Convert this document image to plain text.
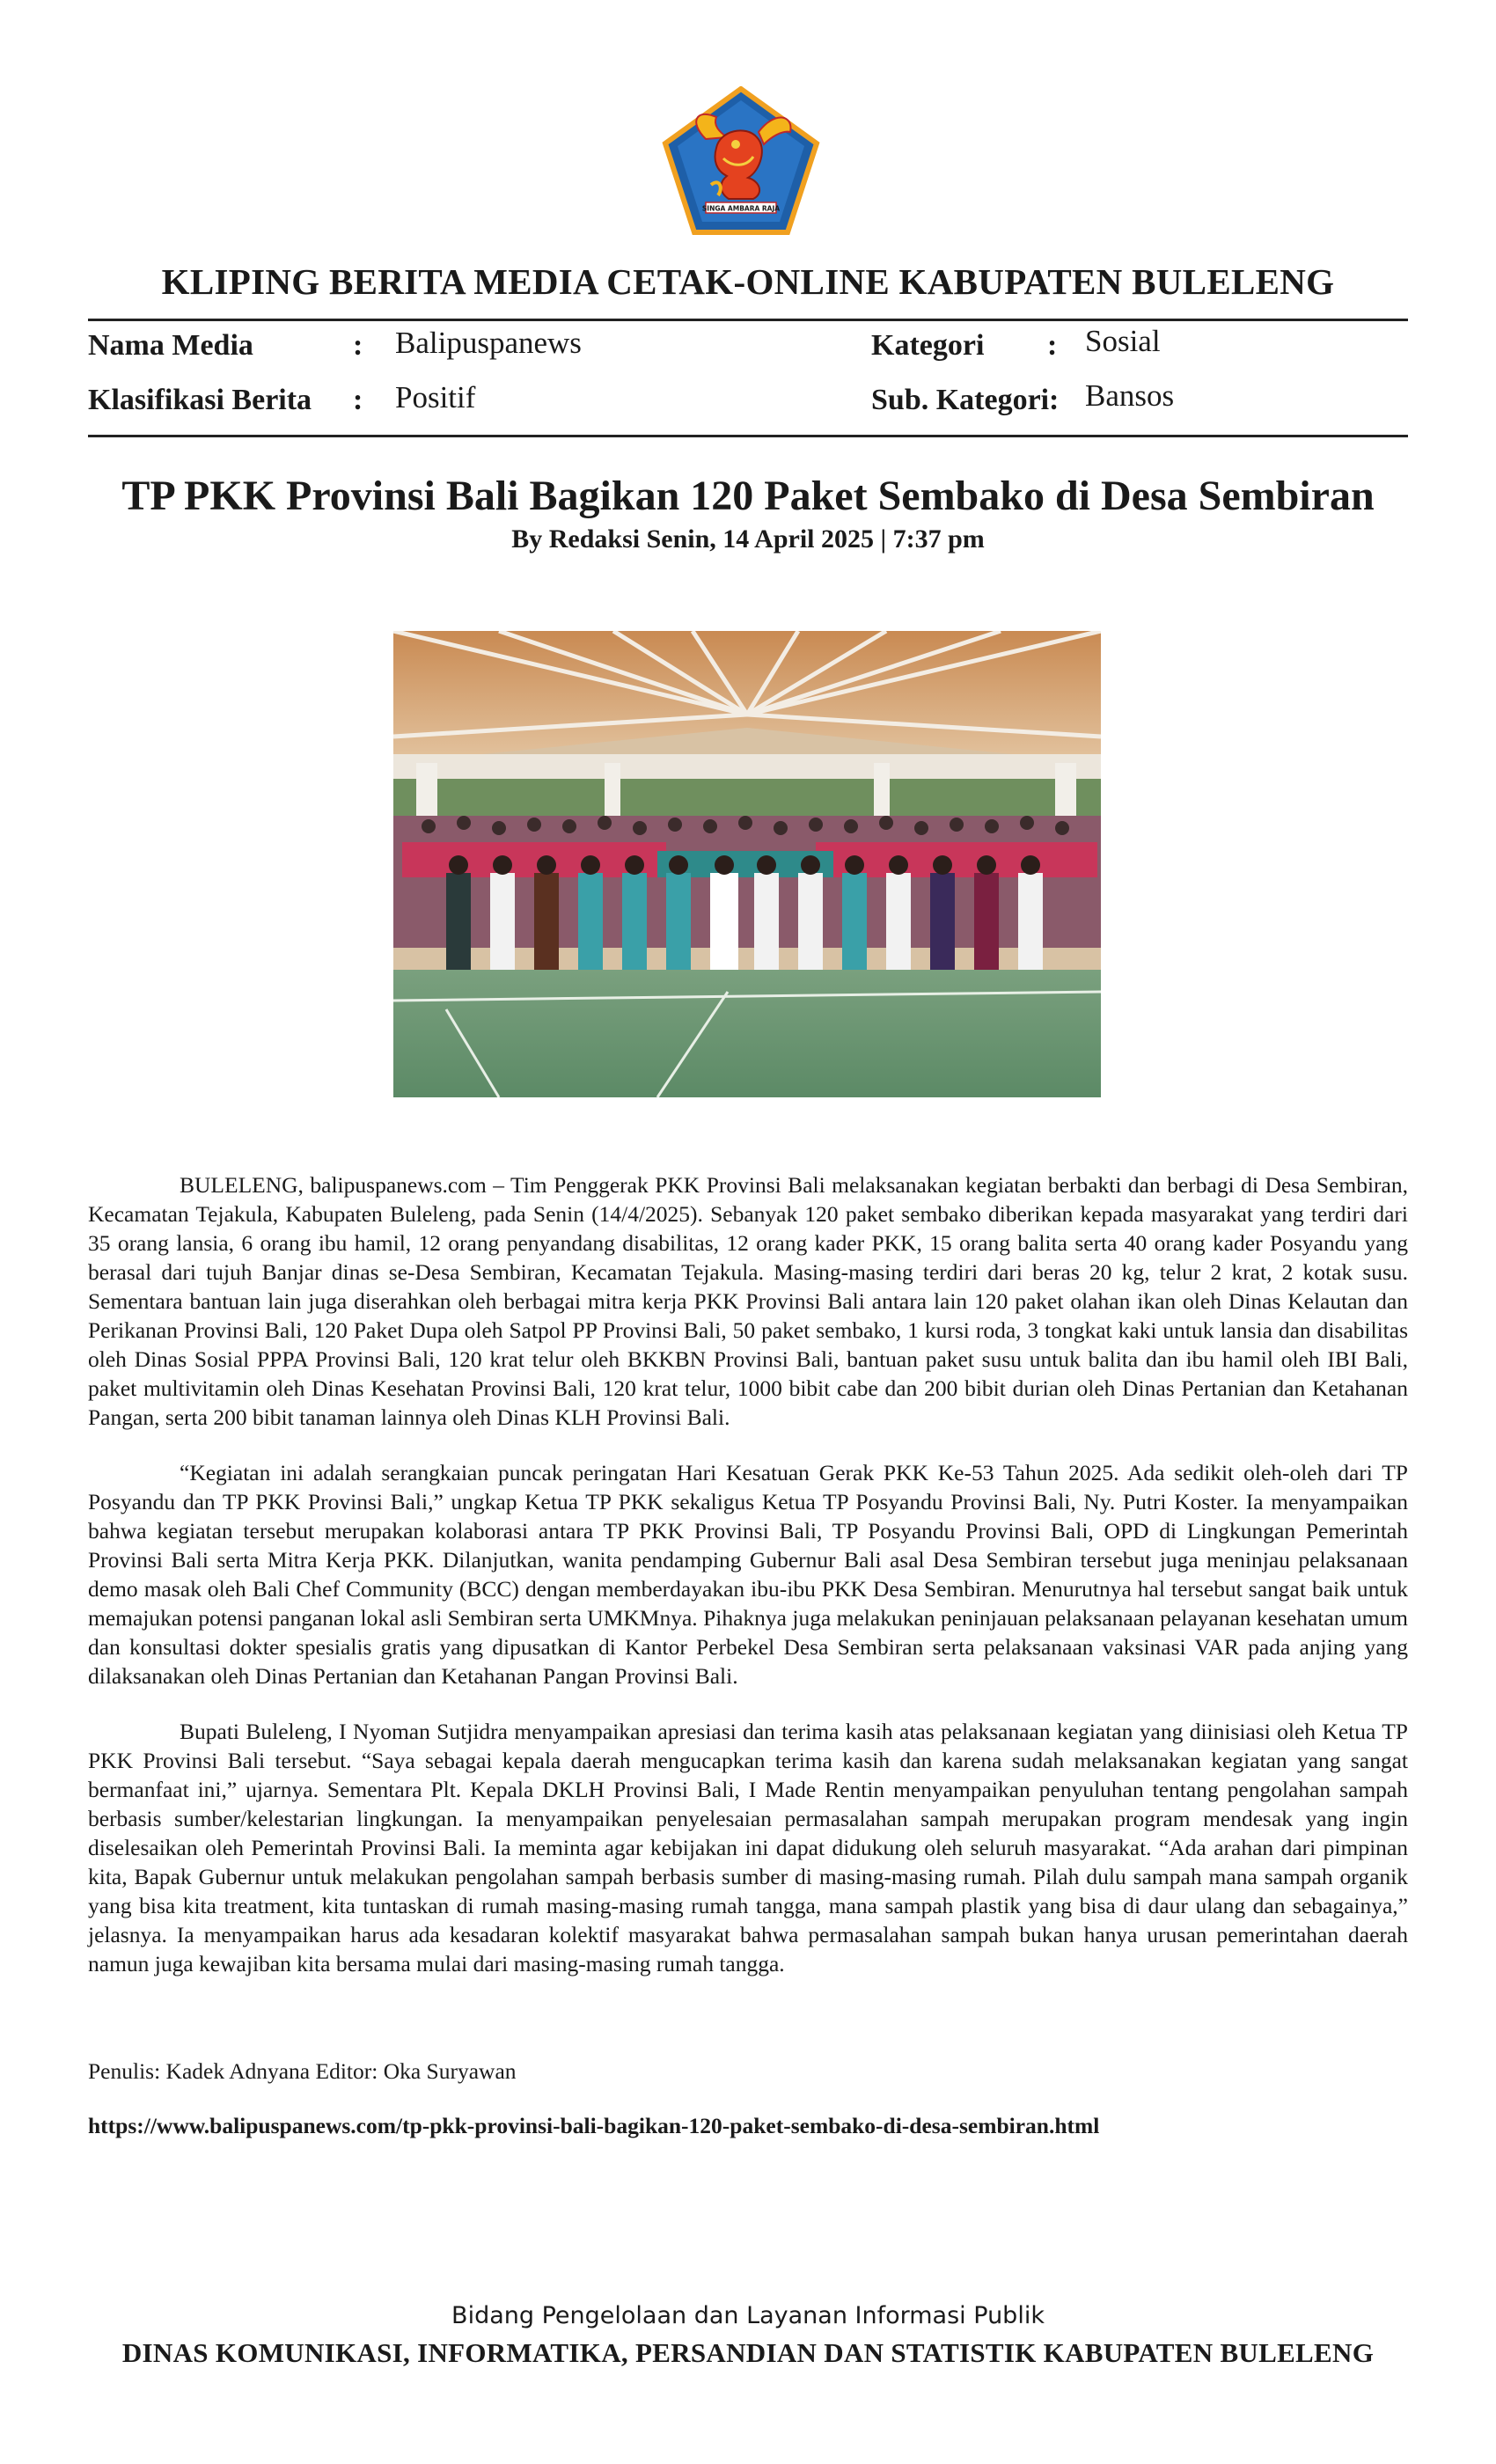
SINGA AMBARA RAJA
KLIPING BERITA MEDIA CETAK-ONLINE KABUPATEN BULELENG
Nama Media	: Balipuspanews
Klasifikasi Berita : Positif
Kategori : Sosial
Sub. Kategori : Bansos
TP PKK Provinsi Bali Bagikan 120 Paket Sembako di Desa Sembiran
By Redaksi Senin, 14 April 2025 | 7:37 pm

BULELENG, balipuspanews.com – Tim Penggerak PKK Provinsi Bali melaksanakan kegiatan berbakti dan berbagi di Desa Sembiran, Kecamatan Tejakula, Kabupaten Buleleng, pada Senin (14/4/2025). Sebanyak 120 paket sembako diberikan kepada masyarakat yang terdiri dari 35 orang lansia, 6 orang ibu hamil, 12 orang penyandang disabilitas, 12 orang kader PKK, 15 orang balita serta 40 orang kader Posyandu yang berasal dari tujuh Banjar dinas se-Desa Sembiran, Kecamatan Tejakula. Masing-masing terdiri dari beras 20 kg, telur 2 krat, 2 kotak susu. Sementara bantuan lain juga diserahkan oleh berbagai mitra kerja PKK Provinsi Bali antara lain 120 paket olahan ikan oleh Dinas Kelautan dan Perikanan Provinsi Bali, 120 Paket Dupa oleh Satpol PP Provinsi Bali, 50 paket sembako, 1 kursi roda, 3 tongkat kaki untuk lansia dan disabilitas oleh Dinas Sosial PPPA Provinsi Bali, 120 krat telur oleh BKKBN Provinsi Bali, bantuan paket susu untuk balita dan ibu hamil oleh IBI Bali, paket multivitamin oleh Dinas Kesehatan Provinsi Bali, 120 krat telur, 1000 bibit cabe dan 200 bibit durian oleh Dinas Pertanian dan Ketahanan Pangan, serta 200 bibit tanaman lainnya oleh Dinas KLH Provinsi Bali.

“Kegiatan ini adalah serangkaian puncak peringatan Hari Kesatuan Gerak PKK Ke-53 Tahun 2025. Ada sedikit oleh-oleh dari TP Posyandu dan TP PKK Provinsi Bali,” ungkap Ketua TP PKK sekaligus Ketua TP Posyandu Provinsi Bali, Ny. Putri Koster. Ia menyampaikan bahwa kegiatan tersebut merupakan kolaborasi antara TP PKK Provinsi Bali, TP Posyandu Provinsi Bali, OPD di Lingkungan Pemerintah Provinsi Bali serta Mitra Kerja PKK. Dilanjutkan, wanita pendamping Gubernur Bali asal Desa Sembiran tersebut juga meninjau pelaksanaan demo masak oleh Bali Chef Community (BCC) dengan memberdayakan ibu-ibu PKK Desa Sembiran. Menurutnya hal tersebut sangat baik untuk memajukan potensi panganan lokal asli Sembiran serta UMKMnya. Pihaknya juga melakukan peninjauan pelaksanaan pelayanan kesehatan umum dan konsultasi dokter spesialis gratis yang dipusatkan di Kantor Perbekel Desa Sembiran serta pelaksanaan vaksinasi VAR pada anjing yang dilaksanakan oleh Dinas Pertanian dan Ketahanan Pangan Provinsi Bali.

Bupati Buleleng, I Nyoman Sutjidra menyampaikan apresiasi dan terima kasih atas pelaksanaan kegiatan yang diinisiasi oleh Ketua TP PKK Provinsi Bali tersebut. “Saya sebagai kepala daerah mengucapkan terima kasih dan karena sudah melaksanakan kegiatan yang sangat bermanfaat ini,” ujarnya. Sementara Plt. Kepala DKLH Provinsi Bali, I Made Rentin menyampaikan penyuluhan tentang pengolahan sampah berbasis sumber/kelestarian lingkungan. Ia menyampaikan penyelesaian permasalahan sampah merupakan program mendesak yang ingin diselesaikan oleh Pemerintah Provinsi Bali. Ia meminta agar kebijakan ini dapat didukung oleh seluruh masyarakat. “Ada arahan dari pimpinan kita, Bapak Gubernur untuk melakukan pengolahan sampah berbasis sumber di masing-masing rumah. Pilah dulu sampah mana sampah organik yang bisa kita treatment, kita tuntaskan di rumah masing-masing rumah tangga, mana sampah plastik yang bisa di daur ulang dan sebagainya,” jelasnya. Ia menyampaikan harus ada kesadaran kolektif masyarakat bahwa permasalahan sampah bukan hanya urusan pemerintahan daerah namun juga kewajiban kita bersama mulai dari masing-masing rumah tangga.

Penulis: Kadek Adnyana Editor: Oka Suryawan
https://www.balipuspanews.com/tp-pkk-provinsi-bali-bagikan-120-paket-sembako-di-desa-sembiran.html
Bidang Pengelolaan dan Layanan Informasi Publik
DINAS KOMUNIKASI, INFORMATIKA, PERSANDIAN DAN STATISTIK KABUPATEN BULELENG
